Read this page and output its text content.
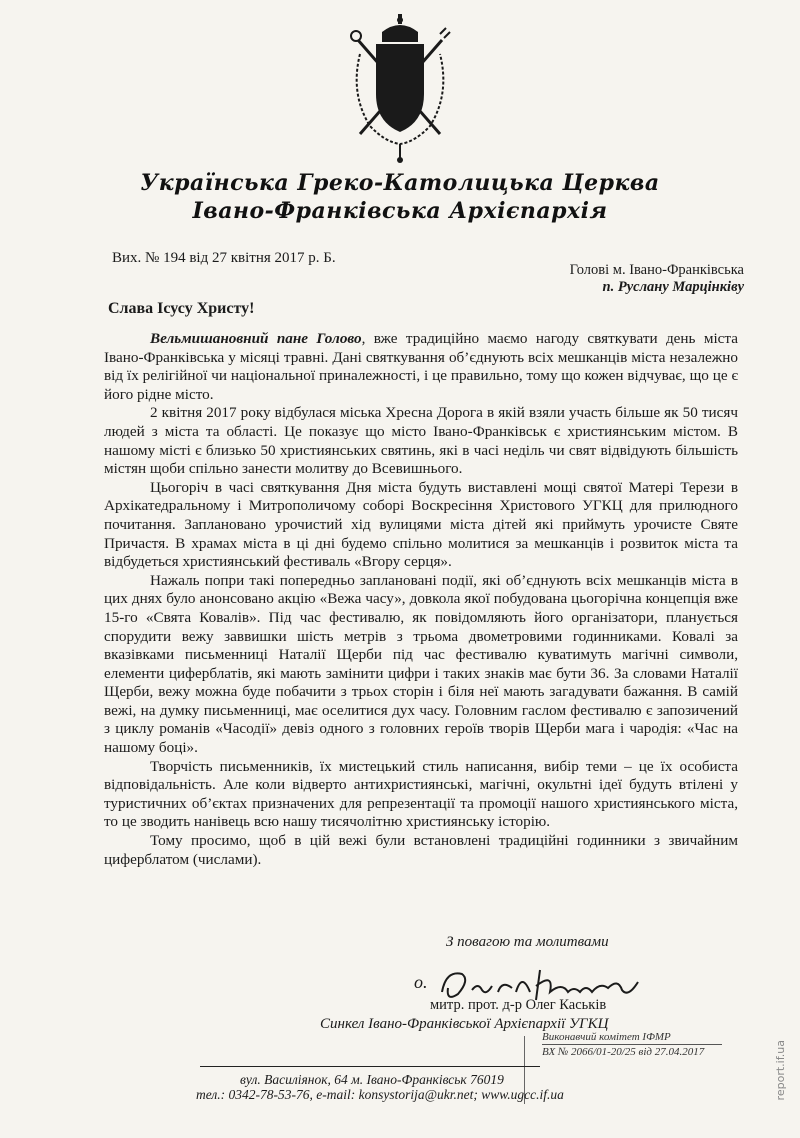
Українська Греко-Католицька Церква
Івано-Франківська Архієпархія
Вих. № 194 від 27 квітня 2017 р. Б.
Голові м. Івано-Франківська
п. Руслану Марцінківу
Слава Ісусу Христу!

Вельмишановний пане Голово, вже традиційно маємо нагоду святкувати день міста Івано-Франківська у місяці травні. Дані святкування об’єднують всіх мешканців міста незалежно від їх релігійної чи національної приналежності, і це правильно, тому що кожен відчуває, що це є його рідне місто.

2 квітня 2017 року відбулася міська Хресна Дорога в якій взяли участь більше як 50 тисяч людей з міста та області. Це показує що місто Івано-Франківськ є християнським містом. В нашому місті є близько 50 християнських святинь, які в часі неділь чи свят відвідують більшість містян щоби спільно занести молитву до Всевишнього.

Цьогоріч в часі святкування Дня міста будуть виставлені мощі святої Матері Терези в Архікатедральному і Митрополичому соборі Воскресіння Христового УГКЦ для прилюдного почитання. Заплановано урочистий хід вулицями міста дітей які приймуть урочисте Святе Причастя. В храмах міста в ці дні будемо спільно молитися за мешканців і розвиток міста та відбудеться християнський фестиваль «Вгору серця».

Нажаль попри такі попередньо заплановані події, які об’єднують всіх мешканців міста в цих днях було анонсовано акцію «Вежа часу», довкола якої побудована цьогорічна концепція вже 15-го «Свята Ковалів». Під час фестивалю, як повідомляють його організатори, планується спорудити вежу заввишки шість метрів з трьома двометровими годинниками. Ковалі за вказівками письменниці Наталії Щерби під час фестивалю куватимуть магічні символи, елементи циферблатів, які мають замінити цифри і таких знаків має бути 36. За словами Наталії Щерби, вежу можна буде побачити з трьох сторін і біля неї мають загадувати бажання. В самій вежі, на думку письменниці, має оселитися дух часу. Головним гаслом фестивалю є запозичений з циклу романів «Часодії» девіз одного з головних героїв творів Щерби мага і чародія: «Час на нашому боці».

Творчість письменників, їх мистецький стиль написання, вибір теми – це їх особиста відповідальність. Але коли відверто антихристиянські, магічні, окультні ідеї будуть втілені у туристичних об’єктах призначених для репрезентації та промоції нашого християнського міста, то це зводить нанівець всю нашу тисячолітню християнську історію.

Тому просимо, щоб в цій вежі були встановлені традиційні годинники з звичайним циферблатом (числами).

З повагою та молитвами
о.
митр. прот. д-р Олег Каськів
Синкел Івано-Франківської Архієпархії УГКЦ
Виконавчий комітет ІФМР
ВХ № 2066/01-20/25 від 27.04.2017
вул. Василіянок, 64 м. Івано-Франківськ 76019
тел.: 0342-78-53-76, e-mail: konsystorija@ukr.net; www.ugcc.if.ua	report.if.ua
